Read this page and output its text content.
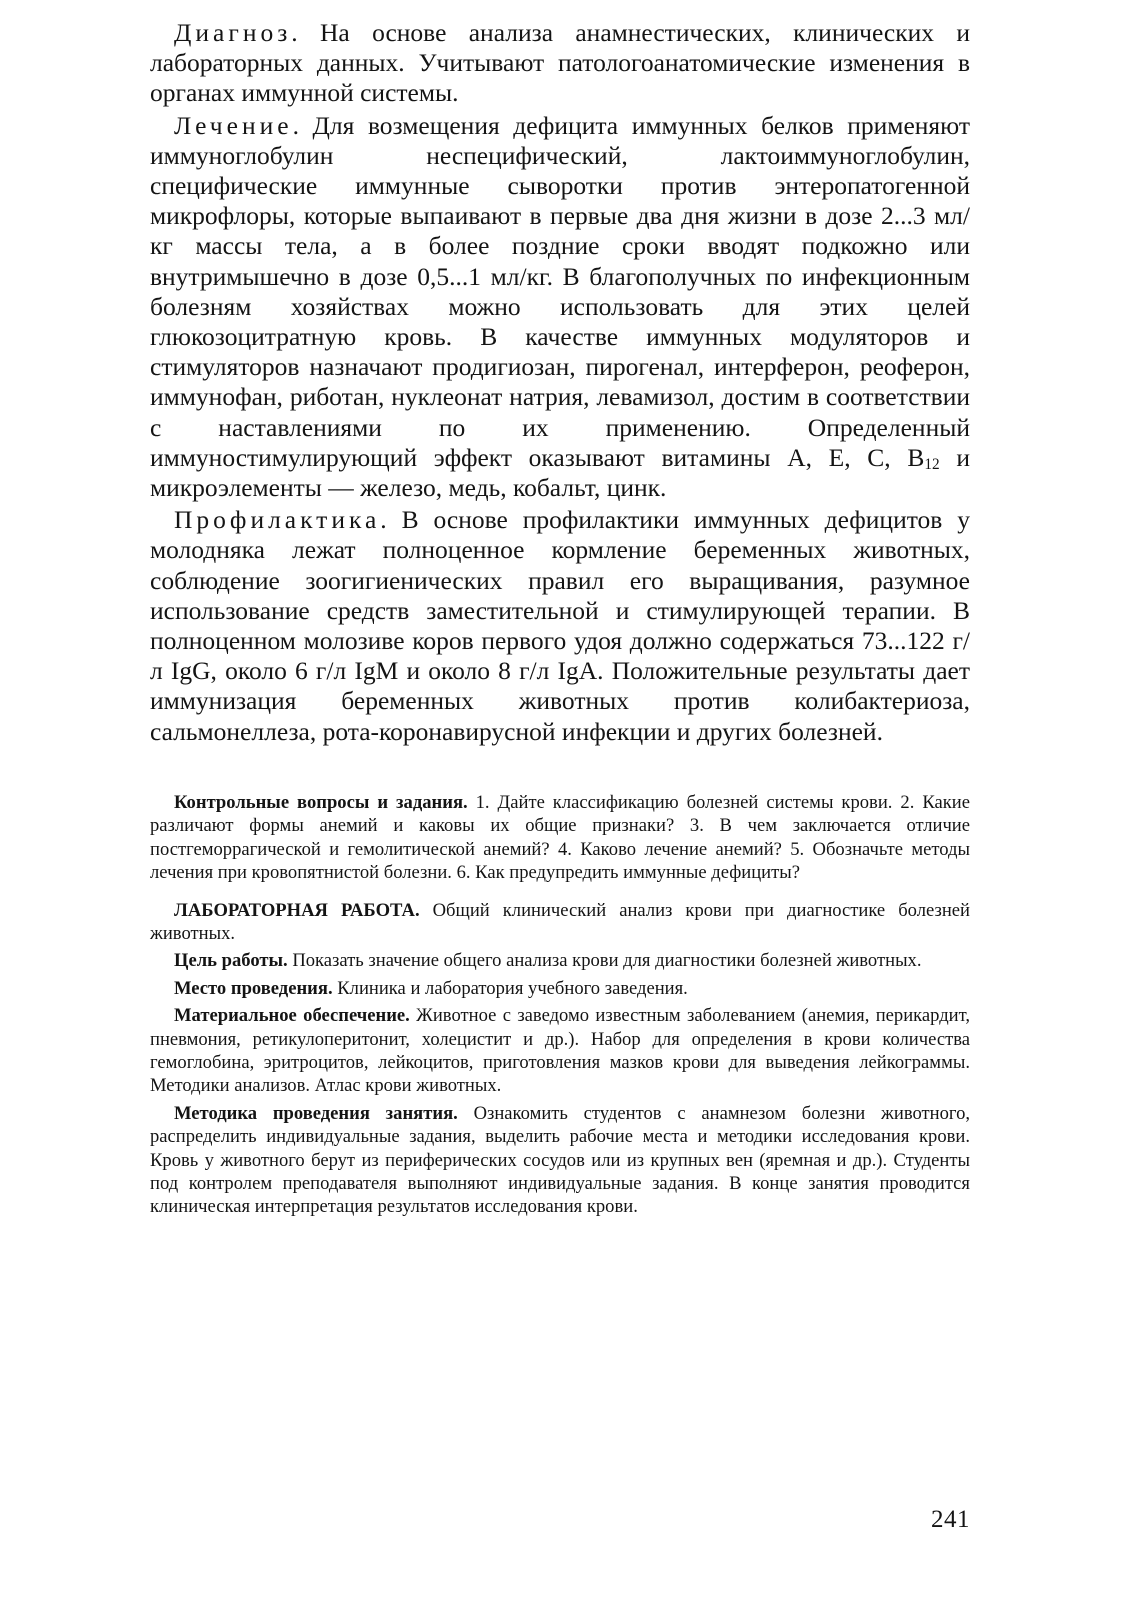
Диагноз. На основе анализа анамнестических, клинических и лабораторных данных. Учитывают патологоанатомические изменения в органах иммунной системы.

Лечение. Для возмещения дефицита иммунных белков применяют иммуноглобулин неспецифический, лактоиммуноглобулин, специфические иммунные сыворотки против энтеропатогенной микрофлоры, которые выпаивают в первые два дня жизни в дозе 2...3 мл/кг массы тела, а в более поздние сроки вводят подкожно или внутримышечно в дозе 0,5...1 мл/кг. В благополучных по инфекционным болезням хозяйствах можно использовать для этих целей глюкозоцитратную кровь. В качестве иммунных модуляторов и стимуляторов назначают продигиозан, пирогенал, интерферон, реоферон, иммунофан, риботан, нуклеонат натрия, левамизол, достим в соответствии с наставлениями по их применению. Определенный иммуностимулирующий эффект оказывают витамины А, Е, С, $В_{12}$ и микроэлементы — железо, медь, кобальт, цинк.

Профилактика. В основе профилактики иммунных дефицитов у молодняка лежат полноценное кормление беременных животных, соблюдение зоогигиенических правил его выращивания, разумное использование средств заместительной и стимулирующей терапии. В полноценном молозиве коров первого удоя должно содержаться 73...122 г/л IgG, около 6 г/л IgM и около 8 г/л IgA. Положительные результаты дает иммунизация беременных животных против колибактериоза, сальмонеллеза, рота-коронавирусной инфекции и других болезней.

Контрольные вопросы и задания. 1. Дайте классификацию болезней системы крови. 2. Какие различают формы анемий и каковы их общие признаки? 3. В чем заключается отличие постгеморрагической и гемолитической анемий? 4. Каково лечение анемий? 5. Обозначьте методы лечения при кровопятнистой болезни. 6. Как предупредить иммунные дефициты?

ЛАБОРАТОРНАЯ РАБОТА. Общий клинический анализ крови при диагностике болезней животных.

Цель работы. Показать значение общего анализа крови для диагностики болезней животных.

Место проведения. Клиника и лаборатория учебного заведения.

Материальное обеспечение. Животное с заведомо известным заболеванием (анемия, перикардит, пневмония, ретикулоперитонит, холецистит и др.). Набор для определения в крови количества гемоглобина, эритроцитов, лейкоцитов, приготовления мазков крови для выведения лейкограммы. Методики анализов. Атлас крови животных.

Методика проведения занятия. Ознакомить студентов с анамнезом болезни животного, распределить индивидуальные задания, выделить рабочие места и методики исследования крови. Кровь у животного берут из периферических сосудов или из крупных вен (яремная и др.). Студенты под контролем преподавателя выполняют индивидуальные задания. В конце занятия проводится клиническая интерпретация результатов исследования крови.

241
